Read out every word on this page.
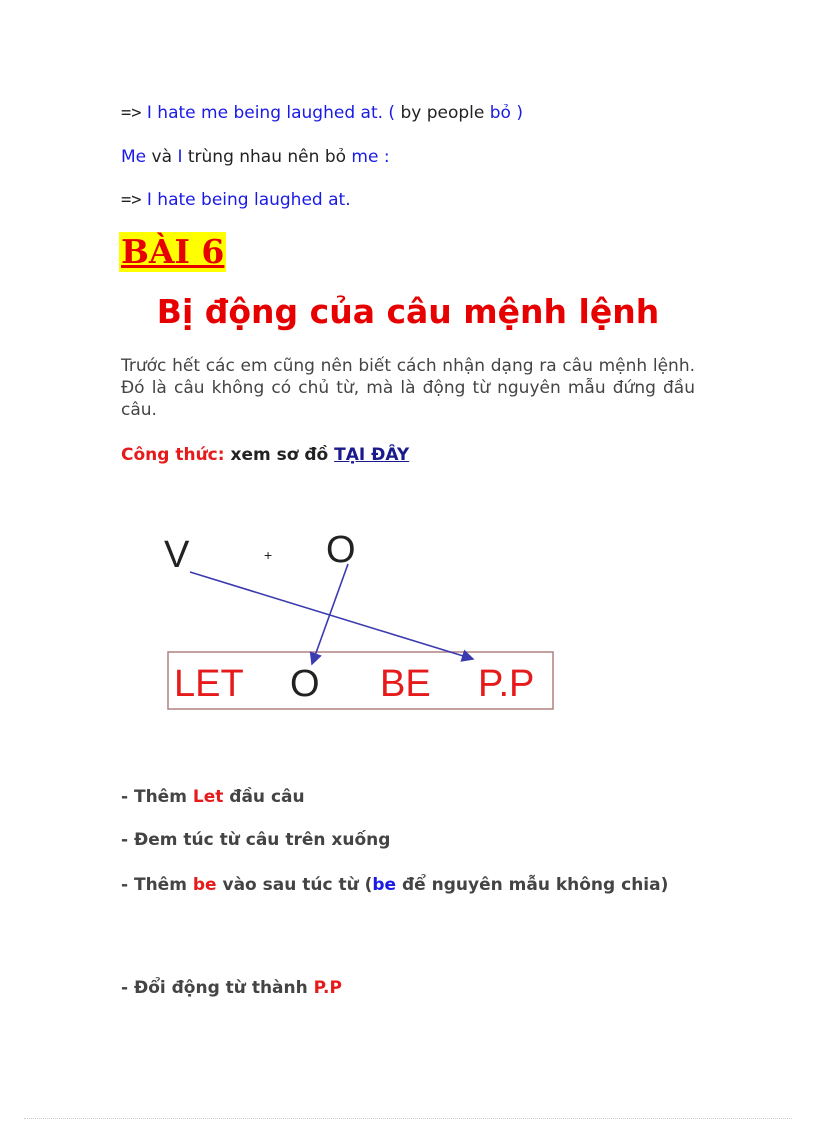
=> I hate me being laughed at. ( by people bỏ )
Me và I trùng nhau nên bỏ me :
=> I hate being laughed at.
BÀI 6
Bị động của câu mệnh lệnh
Trước hết các em cũng nên biết cách nhận dạng ra câu mệnh lệnh. Đó là câu không có chủ từ, mà là động từ nguyên mẫu đứng đầu câu.
Công thức: xem sơ đồ TẠI ĐÂY
V	+ O
LET O BE P.P
- Thêm Let đầu câu
- Đem túc từ câu trên xuống
- Thêm be vào sau túc từ (be để nguyên mẫu không chia)
- Đổi động từ thành P.P
